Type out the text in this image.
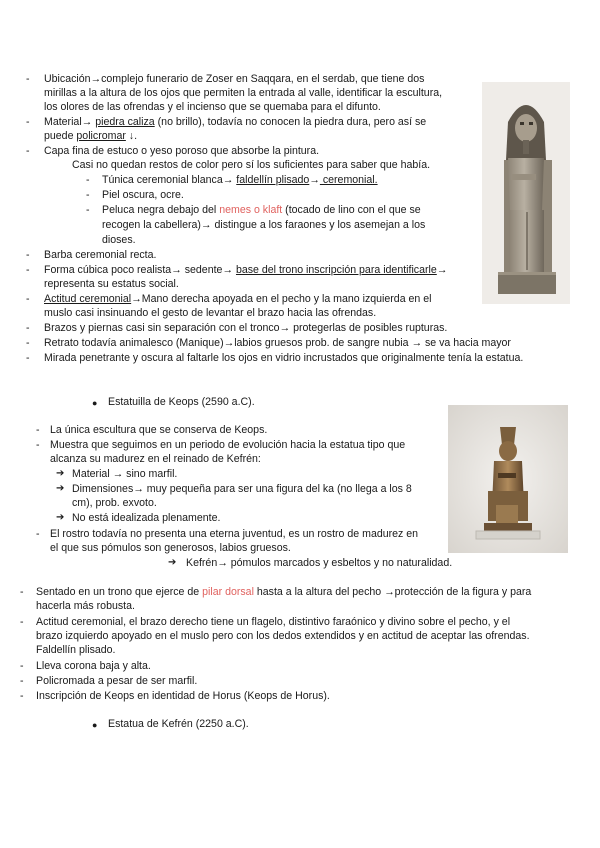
- Ubicación→complejo funerario de Zoser en Saqqara, en el serdab, que tiene dos
mirillas a la altura de los ojos que permiten la entrada al valle, identificar la escultura,
los olores de las ofrendas y el incienso que se quemaba para el difunto.
- Material→ piedra caliza (no brillo), todavía no conocen la piedra dura, pero así se
puede policromar ↓.
- Capa fina de estuco o yeso poroso que absorbe la pintura.
Casi no quedan restos de color pero sí los suficientes para saber que había.
- Túnica ceremonial blanca→ faldellín plisado→ ceremonial.
- Piel oscura, ocre.
- Peluca negra debajo del nemes o klaft (tocado de lino con el que se
recogen la cabellera)→ distingue a los faraones y los asemejan a los
dioses.
- Barba ceremonial recta.
- Forma cúbica poco realista→ sedente→ base del trono inscripción para identificarle→
representa su estatus social.
- Actitud ceremonial→Mano derecha apoyada en el pecho y la mano izquierda en el
muslo casi insinuando el gesto de levantar el brazo hacia las ofrendas.
- Brazos y piernas casi sin separación con el tronco→ protegerlas de posibles rupturas.
- Retrato todavía animalesco (Manique)→labios gruesos prob. de sangre nubia → se va hacia mayor
- Mirada penetrante y oscura al faltarle los ojos en vidrio incrustados que originalmente tenía la estatua.
● Estatuilla de Keops (2590 a.C).
- La única escultura que se conserva de Keops.
- Muestra que seguimos en un periodo de evolución hacia la estatua tipo que
alcanza su madurez en el reinado de Kefrén:
➔ Material → sino marfil.
➔ Dimensiones→ muy pequeña para ser una figura del ka (no llega a los 8
cm), prob. exvoto.
➔ No está idealizada plenamente.
- El rostro todavía no presenta una eterna juventud, es un rostro de madurez en
el que sus pómulos son generosos, labios gruesos.
➔ Kefrén→ pómulos marcados y esbeltos y no naturalidad.
- Sentado en un trono que ejerce de pilar dorsal hasta a la altura del pecho →protección de la figura y para
hacerla más robusta.
- Actitud ceremonial, el brazo derecho tiene un flagelo, distintivo faraónico y divino sobre el pecho, y el
brazo izquierdo apoyado en el muslo pero con los dedos extendidos y en actitud de aceptar las ofrendas.
Faldellín plisado.
- Lleva corona baja y alta.
- Policromada a pesar de ser marfil.
- Inscripción de Keops en identidad de Horus (Keops de Horus).
● Estatua de Kefrén (2250 a.C).
